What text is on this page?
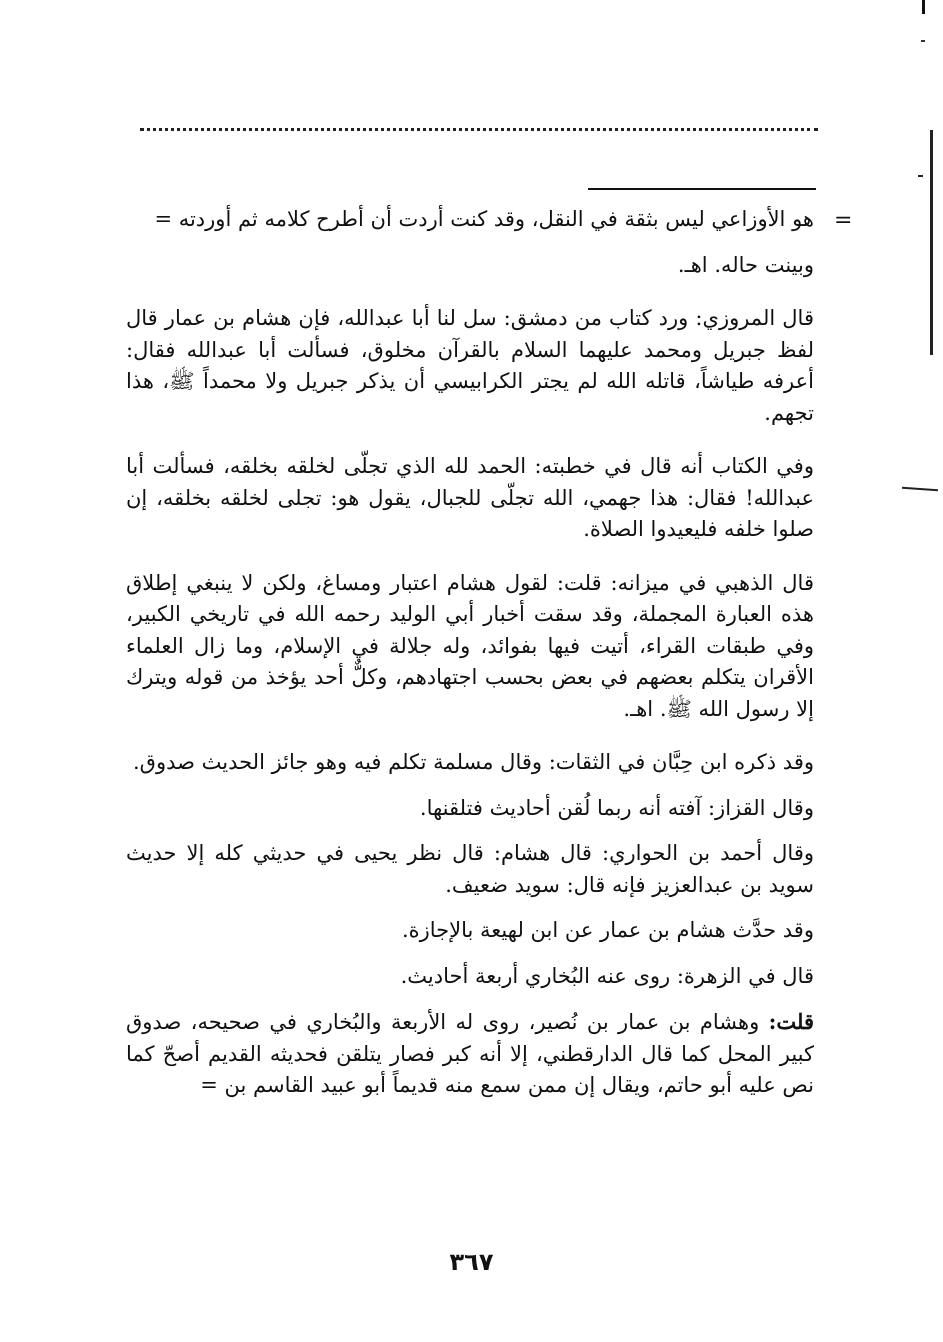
=

هو الأوزاعي ليس بثقة في النقل، وقد كنت أردت أن أطرح كلامه ثم أوردته =

وبينت حاله. اهـ.

قال المروزي: ورد كتاب من دمشق: سل لنا أبا عبدالله، فإن هشام بن عمار قال لفظ جبريل ومحمد عليهما السلام بالقرآن مخلوق، فسألت أبا عبدالله فقال: أعرفه طياشاً، قاتله الله لم يجتر الكرابيسي أن يذكر جبريل ولا محمداً ﷺ، هذا تجهم.

وفي الكتاب أنه قال في خطبته: الحمد لله الذي تجلّى لخلقه بخلقه، فسألت أبا عبدالله! فقال: هذا جهمي، الله تجلّى للجبال، يقول هو: تجلى لخلقه بخلقه، إن صلوا خلفه فليعيدوا الصلاة.

قال الذهبي في ميزانه: قلت: لقول هشام اعتبار ومساغ، ولكن لا ينبغي إطلاق هذه العبارة المجملة، وقد سقت أخبار أبي الوليد رحمه الله في تاريخي الكبير، وفي طبقات القراء، أتيت فيها بفوائد، وله جلالة في الإسلام، وما زال العلماء الأقران يتكلم بعضهم في بعض بحسب اجتهادهم، وكلٌّ أحد يؤخذ من قوله ويترك إلا رسول الله ﷺ. اهـ.

وقد ذكره ابن حِبَّان في الثقات: وقال مسلمة تكلم فيه وهو جائز الحديث صدوق.

وقال القزاز: آفته أنه ربما لُقن أحاديث فتلقنها.

وقال أحمد بن الحواري: قال هشام: قال نظر يحيى في حديثي كله إلا حديث سويد بن عبدالعزيز فإنه قال: سويد ضعيف.

وقد حدَّث هشام بن عمار عن ابن لهيعة بالإجازة.

قال في الزهرة: روى عنه البُخاري أربعة أحاديث.

قلت: وهشام بن عمار بن نُصير، روى له الأربعة والبُخاري في صحيحه، صدوق كبير المحل كما قال الدارقطني، إلا أنه كبر فصار يتلقن فحديثه القديم أصحّ كما نص عليه أبو حاتم، ويقال إن ممن سمع منه قديماً أبو عبيد القاسم بن =

٣٦٧
